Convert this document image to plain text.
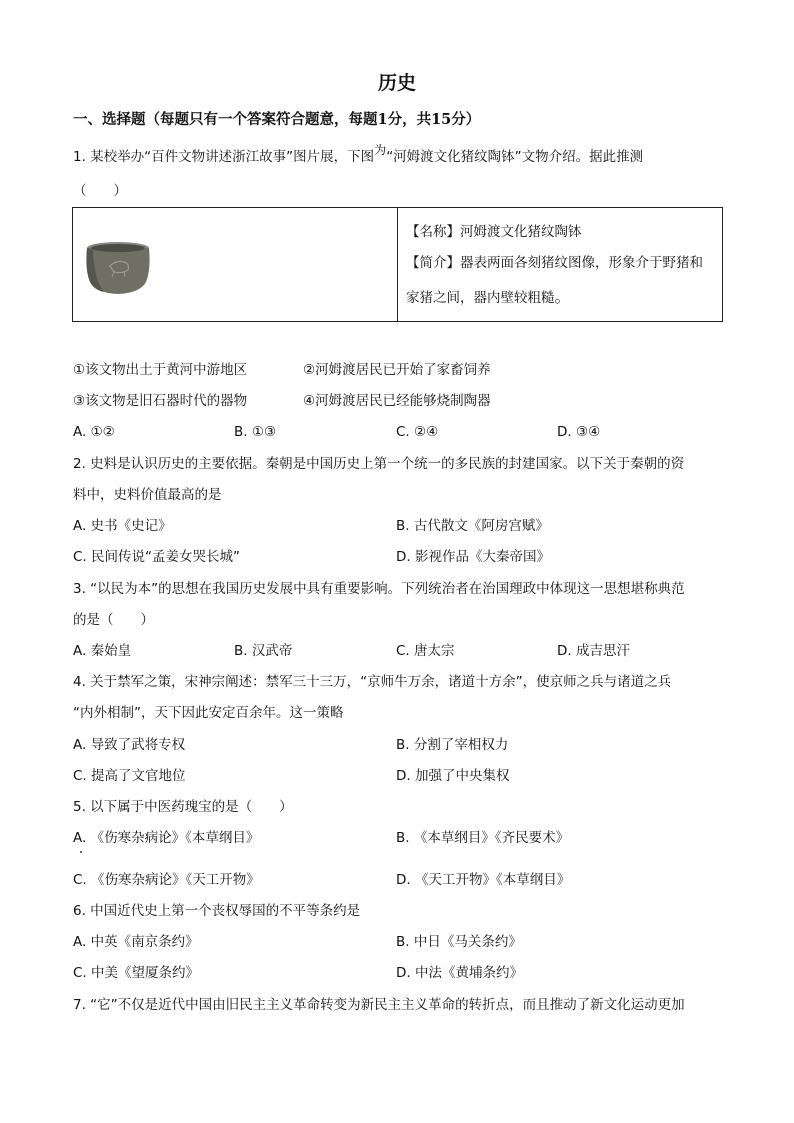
历史
一、选择题（每题只有一个答案符合题意，每题1分，共15分）
1. 某校举办“百件文物讲述浙江故事”图片展，下图为“河姆渡文化猪纹陶钵”文物介绍。据此推测
（　　）

【名称】河姆渡文化猪纹陶钵
【简介】器表两面各刻猪纹图像，形象介于野猪和
家猪之间，器内壁较粗糙。
①该文物出土于黄河中游地区	②河姆渡居民已开始了家畜饲养
③该文物是旧石器时代的器物	④河姆渡居民已经能够烧制陶器
A. ①②	B. ①③	C. ②④	D. ③④
2. 史料是认识历史的主要依据。秦朝是中国历史上第一个统一的多民族的封建国家。以下关于秦朝的资
料中，史料价值最高的是
A. 史书《史记》	B. 古代散文《阿房宫赋》
C. 民间传说“孟姜女哭长城”	D. 影视作品《大秦帝国》
3. “以民为本”的思想在我国历史发展中具有重要影响。下列统治者在治国理政中体现这一思想堪称典范
的是（　　）
A. 秦始皇	B. 汉武帝	C. 唐太宗	D. 成吉思汗
4. 关于禁军之策，宋神宗阐述：禁军三十三万，“京师牛万余，诸道十方余”，使京师之兵与诸道之兵
“内外相制”，天下因此安定百余年。这一策略
A. 导致了武将专权	B. 分割了宰相权力
C. 提高了文官地位	D. 加强了中央集权
5. 以下属于中医药瑰宝的是（　　）
A. 《伤寒杂病论》《本草纲目》	B. 《本草纲目》《齐民要术》
C. 《伤寒杂病论》《天工开物》	D. 《天工开物》《本草纲目》
6. 中国近代史上第一个丧权辱国的不平等条约是
A. 中英《南京条约》	B. 中日《马关条约》
C. 中美《望厦条约》	D. 中法《黄埔条约》
7. “它”不仅是近代中国由旧民主主义革命转变为新民主主义革命的转折点，而且推动了新文化运动更加
